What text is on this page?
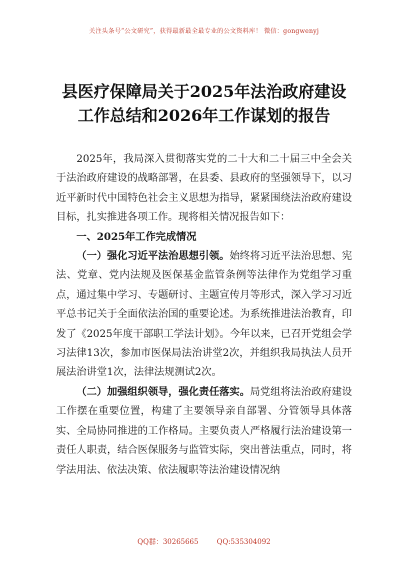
关注头条号“公文研究”，获得最新最全最专业的公文资料库！ 微信：gongwenyj
县医疗保障局关于2025年法治政府建设
工作总结和2026年工作谋划的报告

2025年，我局深入贯彻落实党的二十大和二十届三中全会关于法治政府建设的战略部署，在县委、县政府的坚强领导下，以习近平新时代中国特色社会主义思想为指导，紧紧围绕法治政府建设目标，扎实推进各项工作。现将相关情况报告如下：

一、2025年工作完成情况

（一）强化习近平法治思想引领。始终将习近平法治思想、宪法、党章、党内法规及医保基金监管条例等法律作为党组学习重点，通过集中学习、专题研讨、主题宣传月等形式，深入学习习近平总书记关于全面依法治国的重要论述。为系统推进法治教育，印发了《2025年度干部职工学法计划》。今年以来，已召开党组会学习法律13次，参加市医保局法治讲堂2次，并组织我局执法人员开展法治讲堂1次，法律法规测试2次。

（二）加强组织领导，强化责任落实。局党组将法治政府建设工作摆在重要位置，构建了主要领导亲自部署、分管领导具体落实、全局协同推进的工作格局。主要负责人严格履行法治建设第一责任人职责，结合医保服务与监管实际，突出普法重点，同时，将学法用法、依法决策、依法履职等法治建设情况纳

QQ群：30265665	QQ:535304092
